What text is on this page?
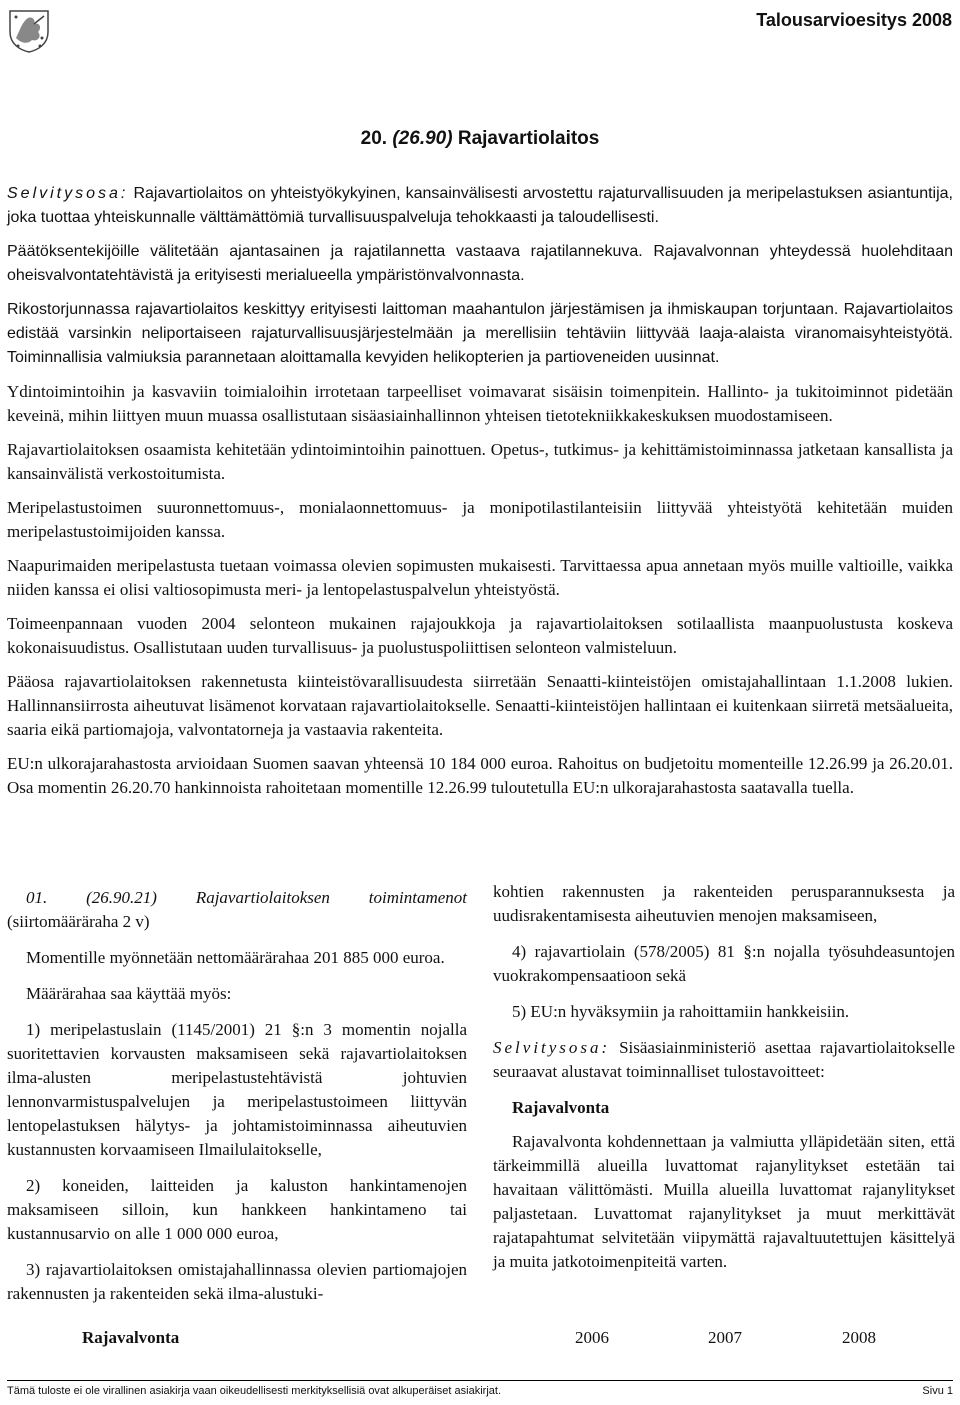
Talousarvioesitys 2008
20. (26.90) Rajavartiolaitos

Selvitysosa: Rajavartiolaitos on yhteistyökykyinen, kansainvälisesti arvostettu rajaturvallisuuden ja meripelastuksen asiantuntija, joka tuottaa yhteiskunnalle välttämättömiä turvallisuuspalveluja tehokkaasti ja taloudellisesti.

Päätöksentekijöille välitetään ajantasainen ja rajatilannetta vastaava rajatilannekuva. Rajavalvonnan yhteydessä huolehditaan oheisvalvontatehtävistä ja erityisesti merialueella ympäristönvalvonnasta.

Rikostorjunnassa rajavartiolaitos keskittyy erityisesti laittoman maahantulon järjestämisen ja ihmiskaupan torjuntaan. Rajavartiolaitos edistää varsinkin neliportaiseen rajaturvallisuusjärjestelmään ja merellisiin tehtäviin liittyvää laaja-alaista viranomaisyhteistyötä. Toiminnallisia valmiuksia parannetaan aloittamalla kevyiden helikopterien ja partioveneiden uusinnat.

Ydintoimintoihin ja kasvaviin toimialoihin irrotetaan tarpeelliset voimavarat sisäisin toimenpitein. Hallinto- ja tukitoiminnot pidetään keveinä, mihin liittyen muun muassa osallistutaan sisäasiainhallinnon yhteisen tietotekniikkakeskuksen muodostamiseen.

Rajavartiolaitoksen osaamista kehitetään ydintoimintoihin painottuen. Opetus-, tutkimus- ja kehittämistoiminnassa jatketaan kansallista ja kansainvälistä verkostoitumista.

Meripelastustoimen suuronnettomuus-, monialaonnettomuus- ja monipotilastilanteisiin liittyvää yhteistyötä kehitetään muiden meripelastustoimijoiden kanssa.

Naapurimaiden meripelastusta tuetaan voimassa olevien sopimusten mukaisesti. Tarvittaessa apua annetaan myös muille valtioille, vaikka niiden kanssa ei olisi valtiosopimusta meri- ja lentopelastuspalvelun yhteistyöstä.

Toimeenpannaan vuoden 2004 selonteon mukainen rajajoukkoja ja rajavartiolaitoksen sotilaallista maanpuolustusta koskeva kokonaisuudistus. Osallistutaan uuden turvallisuus- ja puolustuspoliittisen selonteon valmisteluun.

Pääosa rajavartiolaitoksen rakennetusta kiinteistövarallisuudesta siirretään Senaatti-kiinteistöjen omistajahallintaan 1.1.2008 lukien. Hallinnansiirrosta aiheutuvat lisämenot korvataan rajavartiolaitokselle. Senaatti-kiinteistöjen hallintaan ei kuitenkaan siirretä metsäalueita, saaria eikä partiomajoja, valvontatorneja ja vastaavia rakenteita.

EU:n ulkorajarahastosta arvioidaan Suomen saavan yhteensä 10 184 000 euroa. Rahoitus on budjetoitu momenteille 12.26.99 ja 26.20.01. Osa momentin 26.20.70 hankinnoista rahoitetaan momentille 12.26.99 tuloutetulla EU:n ulkorajarahastosta saatavalla tuella.

01. (26.90.21) Rajavartiolaitoksen toimintamenot (siirtomääräraha 2 v)

Momentille myönnetään nettomäärärahaa 201 885 000 euroa.

Määrärahaa saa käyttää myös:

1) meripelastuslain (1145/2001) 21 §:n 3 momentin nojalla suoritettavien korvausten maksamiseen sekä rajavartiolaitoksen ilma-alusten meripelastustehtävistä johtuvien lennonvarmistuspalvelujen ja meripelastustoimeen liittyvän lentopelastuksen hälytys- ja johtamistoiminnassa aiheutuvien kustannusten korvaamiseen Ilmailulaitokselle,

2) koneiden, laitteiden ja kaluston hankintamenojen maksamiseen silloin, kun hankkeen hankintameno tai kustannusarvio on alle 1 000 000 euroa,

3) rajavartiolaitoksen omistajahallinnassa olevien partiomajojen rakennusten ja rakenteiden sekä ilma-alustuki-

kohtien rakennusten ja rakenteiden perusparannuksesta ja uudisrakentamisesta aiheutuvien menojen maksamiseen,

4) rajavartiolain (578/2005) 81 §:n nojalla työsuhdeasuntojen vuokrakompensaatioon sekä

5) EU:n hyväksymiin ja rahoittamiin hankkeisiin.

Selvitysosa: Sisäasiainministeriö asettaa rajavartiolaitokselle seuraavat alustavat toiminnalliset tulostavoitteet:

Rajavalvonta

Rajavalvonta kohdennettaan ja valmiutta ylläpidetään siten, että tärkeimmillä alueilla luvattomat rajanylitykset estetään tai havaitaan välittömästi. Muilla alueilla luvattomat rajanylitykset paljastetaan. Luvattomat rajanylitykset ja muut merkittävät rajatapahtumat selvitetään viipymättä rajavaltuutettujen käsittelyä ja muita jatkotoimenpiteitä varten.

Rajavalvonta	2006	2007	2008
Tämä tuloste ei ole virallinen asiakirja vaan oikeudellisesti merkityksellisiä ovat alkuperäiset asiakirjat.	Sivu 1
